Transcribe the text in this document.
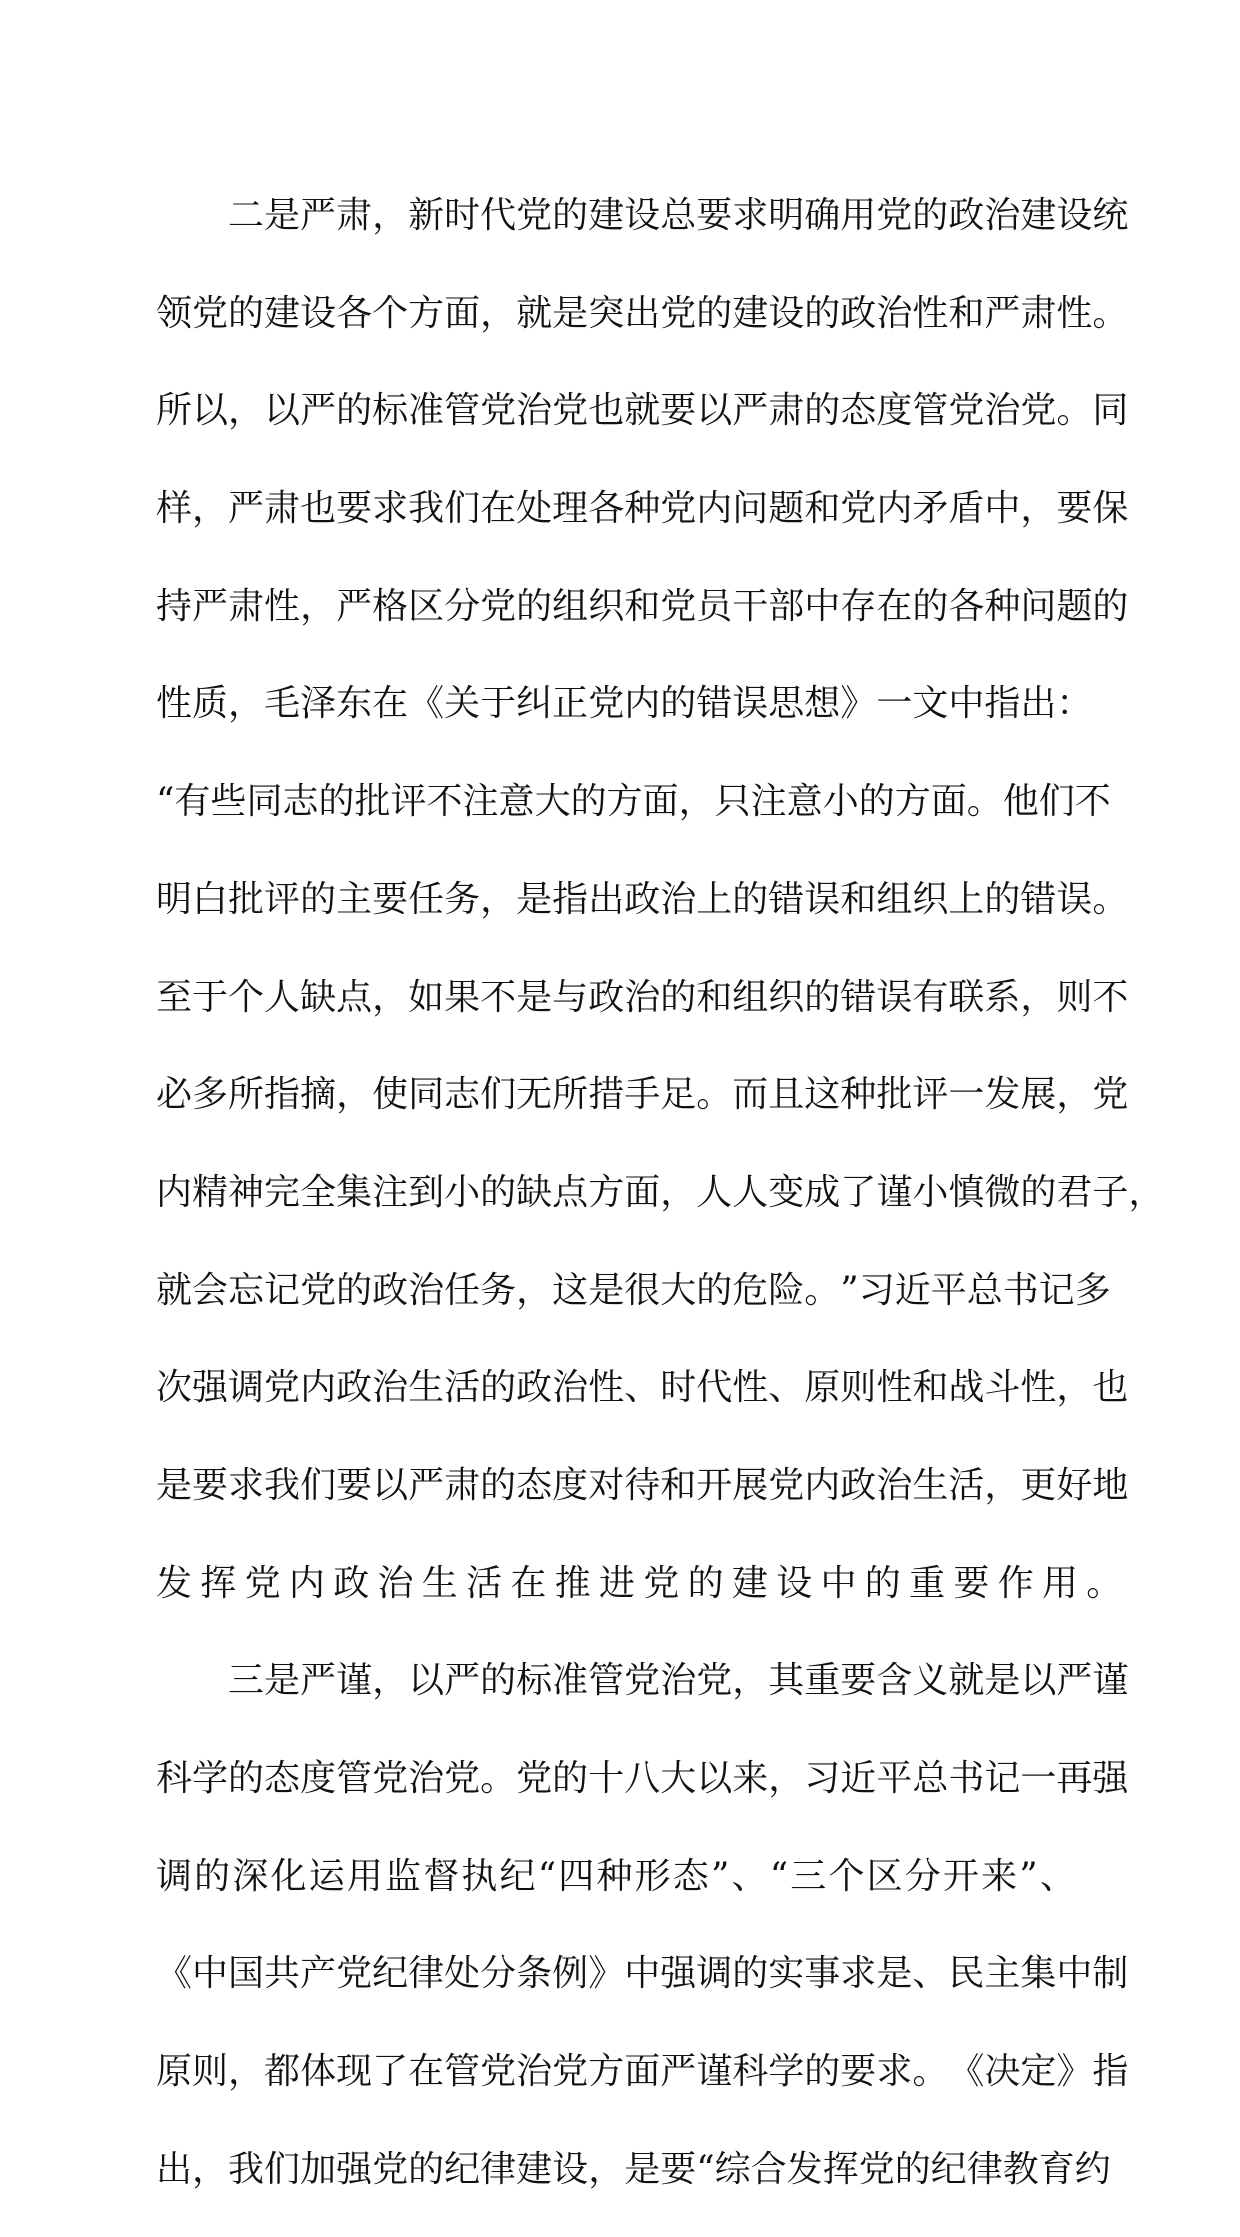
二 是 严 肃 ， 新 时 代 党 的 建 设 总 要 求 明 确 用 党 的 政 治 建 设 统
领 党 的 建 设 各 个 方 面 ， 就 是 突 出 党 的 建 设 的 政 治 性 和 严 肃 性 。
所 以 ， 以 严 的 标 准 管 党 治 党 也 就 要 以 严 肃 的 态 度 管 党 治 党 。 同
样 ， 严 肃 也 要 求 我 们 在 处 理 各 种 党 内 问 题 和 党 内 矛 盾 中 ， 要 保
持 严 肃 性 ， 严 格 区 分 党 的 组 织 和 党 员 干 部 中 存 在 的 各 种 问 题 的
性 质 ， 毛 泽 东 在 《 关 于 纠 正 党 内 的 错 误 思 想 》 一 文 中 指 出 ：
“ 有 些 同 志 的 批 评 不 注 意 大 的 方 面 ， 只 注 意 小 的 方 面 。 他 们 不
明 白 批 评 的 主 要 任 务 ， 是 指 出 政 治 上 的 错 误 和 组 织 上 的 错 误 。
至 于 个 人 缺 点 ， 如 果 不 是 与 政 治 的 和 组 织 的 错 误 有 联 系 ， 则 不
必 多 所 指 摘 ， 使 同 志 们 无 所 措 手 足 。 而 且 这 种 批 评 一 发 展 ， 党
内 精 神 完 全 集 注 到 小 的 缺 点 方 面 ， 人 人 变 成 了 谨 小 慎 微 的 君 子 ，
就 会 忘 记 党 的 政 治 任 务 ， 这 是 很 大 的 危 险 。 ” 习 近 平 总 书 记 多
次 强 调 党 内 政 治 生 活 的 政 治 性 、 时 代 性 、 原 则 性 和 战 斗 性 ， 也
是 要 求 我 们 要 以 严 肃 的 态 度 对 待 和 开 展 党 内 政 治 生 活 ， 更 好 地
发挥党内政治生活在推进党的建设中的重要作用。
三 是 严 谨 ， 以 严 的 标 准 管 党 治 党 ， 其 重 要 含 义 就 是 以 严 谨
科 学 的 态 度 管 党 治 党 。 党 的 十 八 大 以 来 ， 习 近 平 总 书 记 一 再 强
调 的 深 化 运 用 监 督 执 纪 “ 四 种 形 态 ” 、 “ 三 个 区 分 开 来 ” 、
《 中 国 共 产 党 纪 律 处 分 条 例 》 中 强 调 的 实 事 求 是 、 民 主 集 中 制
原 则 ， 都 体 现 了 在 管 党 治 党 方 面 严 谨 科 学 的 要 求 。 《 决 定 》 指
出 ， 我 们 加 强 党 的 纪 律 建 设 ， 是 要 “ 综 合 发 挥 党 的 纪 律 教 育 约
